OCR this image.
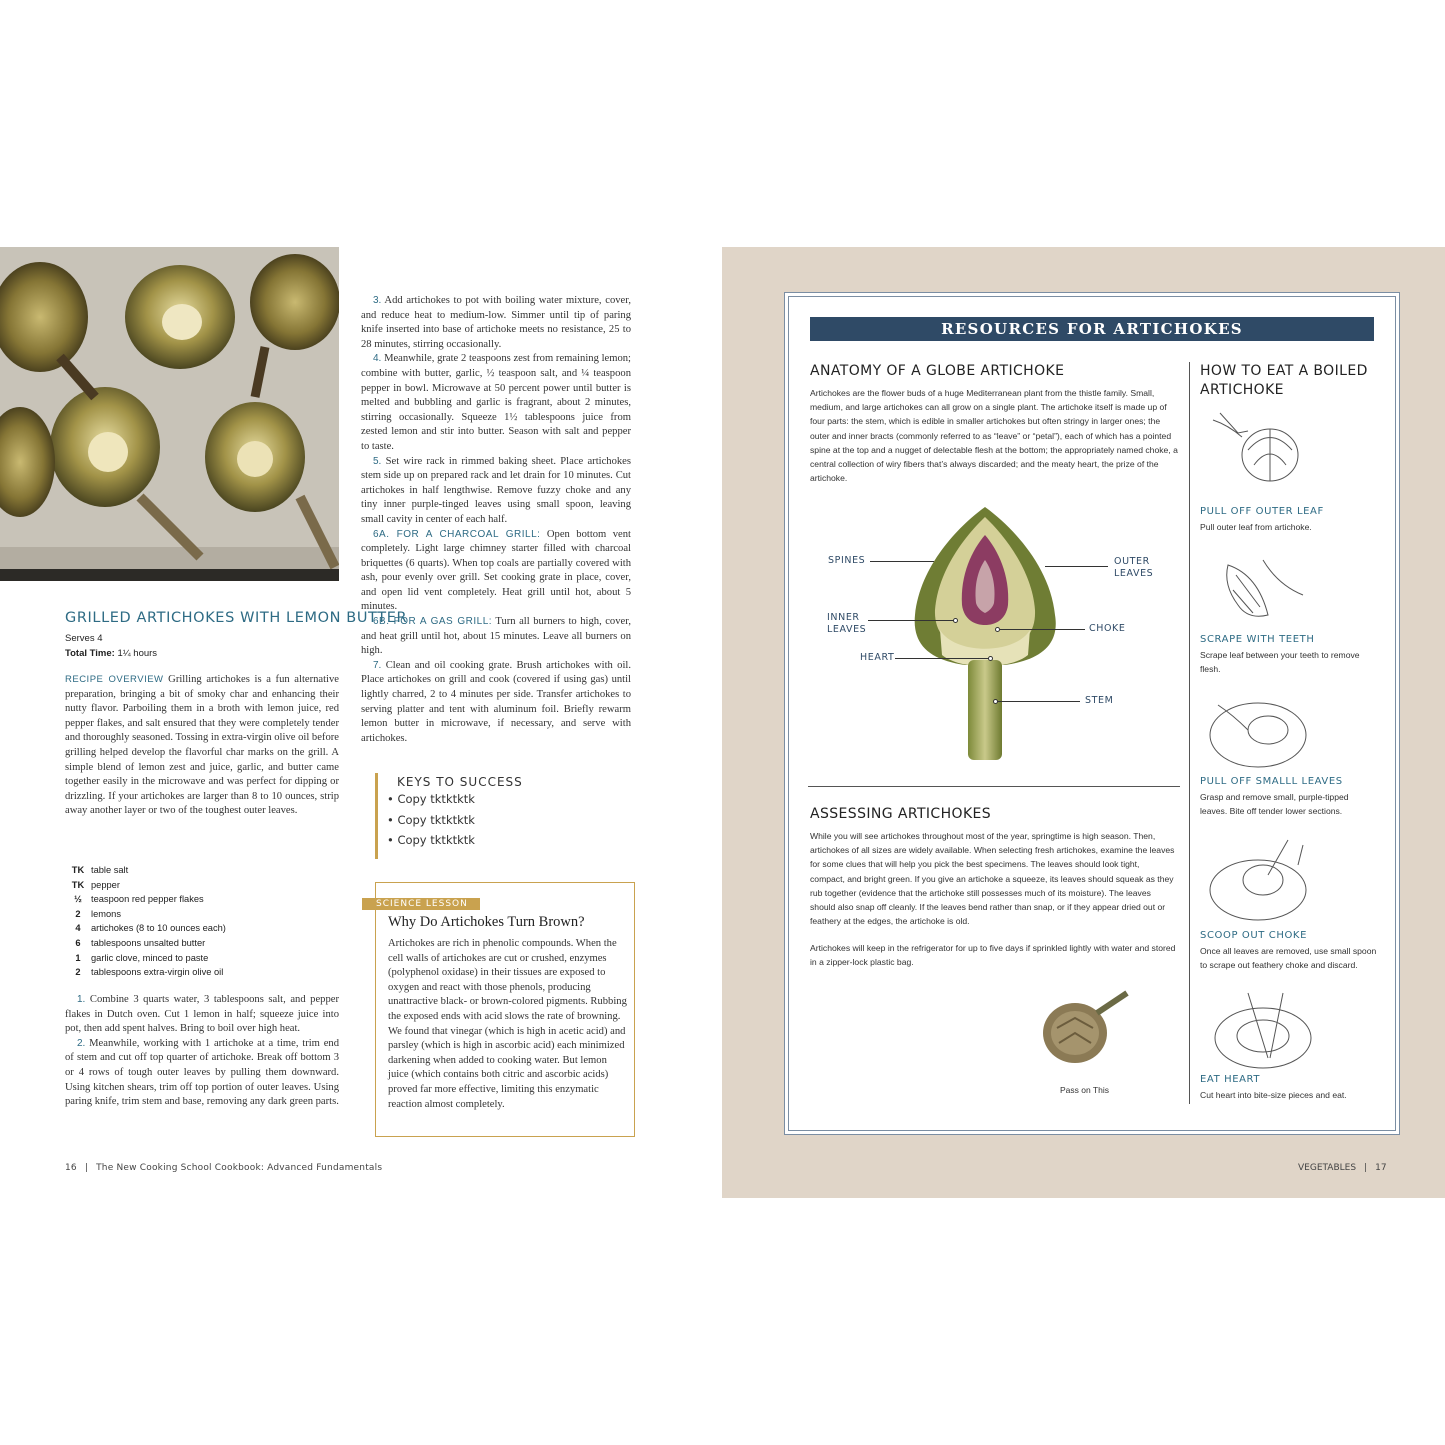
GRILLED ARTICHOKES WITH LEMON BUTTER
Serves 4
Total Time: 1¼ hours
RECIPE OVERVIEW Grilling artichokes is a fun alternative preparation, bringing a bit of smoky char and enhancing their nutty flavor. Parboiling them in a broth with lemon juice, red pepper flakes, and salt ensured that they were completely tender and thoroughly seasoned. Tossing in extra-virgin olive oil before grilling helped develop the flavorful char marks on the grill. A simple blend of lemon zest and juice, garlic, and butter came together easily in the microwave and was perfect for dipping or drizzling. If your artichokes are larger than 8 to 10 ounces, strip away another layer or two of the toughest outer leaves.
TK table salt
TK pepper
½ teaspoon red pepper flakes
2	lemons
4	artichokes (8 to 10 ounces each)
6	tablespoons unsalted butter
1	garlic clove, minced to paste
2	tablespoons extra-virgin olive oil

1. Combine 3 quarts water, 3 tablespoons salt, and pepper flakes in Dutch oven. Cut 1 lemon in half; squeeze juice into pot, then add spent halves. Bring to boil over high heat.

2. Meanwhile, working with 1 artichoke at a time, trim end of stem and cut off top quarter of artichoke. Break off bottom 3 or 4 rows of tough outer leaves by pulling them downward. Using kitchen shears, trim off top portion of outer leaves. Using paring knife, trim stem and base, removing any dark green parts.

3. Add artichokes to pot with boiling water mixture, cover, and reduce heat to medium-low. Simmer until tip of paring knife inserted into base of artichoke meets no resistance, 25 to 28 minutes, stirring occasionally.

4. Meanwhile, grate 2 teaspoons zest from remaining lemon; combine with butter, garlic, ½ teaspoon salt, and ¼ teaspoon pepper in bowl. Microwave at 50 percent power until butter is melted and bubbling and garlic is fragrant, about 2 minutes, stirring occasionally. Squeeze 1½ tablespoons juice from zested lemon and stir into butter. Season with salt and pepper to taste.

5. Set wire rack in rimmed baking sheet. Place artichokes stem side up on prepared rack and let drain for 10 minutes. Cut artichokes in half lengthwise. Remove fuzzy choke and any tiny inner purple-tinged leaves using small spoon, leaving small cavity in center of each half.

6A. FOR A CHARCOAL GRILL: Open bottom vent completely. Light large chimney starter filled with charcoal briquettes (6 quarts). When top coals are partially covered with ash, pour evenly over grill. Set cooking grate in place, cover, and open lid vent completely. Heat grill until hot, about 5 minutes.

6B. FOR A GAS GRILL: Turn all burners to high, cover, and heat grill until hot, about 15 minutes. Leave all burners on high.

7. Clean and oil cooking grate. Brush artichokes with oil. Place artichokes on grill and cook (covered if using gas) until lightly charred, 2 to 4 minutes per side. Transfer artichokes to serving platter and tent with aluminum foil. Briefly rewarm lemon butter in microwave, if necessary, and serve with artichokes.

KEYS TO SUCCESS
• Copy tktktktk
• Copy tktktktk
• Copy tktktktk
SCIENCE LESSON
Why Do Artichokes Turn Brown?
Artichokes are rich in phenolic compounds. When the cell walls of artichokes are cut or crushed, enzymes (polyphenol oxidase) in their tissues are exposed to oxygen and react with those phenols, producing unattractive black- or brown-colored pigments. Rubbing the exposed ends with acid slows the rate of browning. We found that vinegar (which is high in acetic acid) and parsley (which is high in ascorbic acid) each minimized darkening when added to cooking water. But lemon juice (which contains both citric and ascorbic acids) proved far more effective, limiting this enzymatic reaction almost completely.
16 | The New Cooking School Cookbook: Advanced Fundamentals
RESOURCES FOR ARTICHOKES
ANATOMY OF A GLOBE ARTICHOKE
Artichokes are the flower buds of a huge Mediterranean plant from the thistle family. Small, medium, and large artichokes can all grow on a single plant. The artichoke itself is made up of four parts: the stem, which is edible in smaller artichokes but often stringy in larger ones; the outer and inner bracts (commonly referred to as “leave” or “petal”), each of which has a pointed spine at the top and a nugget of delectable flesh at the bottom; the appropriately named choke, a central collection of wiry fibers that’s always discarded; and the meaty heart, the prize of the artichoke.
SPINES	OUTER
LEAVES
INNER
LEAVES	CHOKE
HEART
STEM
ASSESSING ARTICHOKES
While you will see artichokes throughout most of the year, springtime is high season. Then, artichokes of all sizes are widely available. When selecting fresh artichokes, examine the leaves for some clues that will help you pick the best specimens. The leaves should look tight, compact, and bright green. If you give an artichoke a squeeze, its leaves should squeak as they rub together (evidence that the artichoke still possesses much of its moisture). The leaves should also snap off cleanly. If the leaves bend rather than snap, or if they appear dried out or feathery at the edges, the artichoke is old.
Artichokes will keep in the refrigerator for up to five days if sprinkled lightly with water and stored in a zipper-lock plastic bag.
Pass on This
HOW TO EAT A BOILED ARTICHOKE
PULL OFF OUTER LEAF
Pull outer leaf from artichoke.
SCRAPE WITH TEETH
Scrape leaf between your teeth to remove flesh.
PULL OFF SMALLL LEAVES
Grasp and remove small, purple-tipped leaves. Bite off tender lower sections.
SCOOP OUT CHOKE
Once all leaves are removed, use small spoon to scrape out feathery choke and discard.
EAT HEART
Cut heart into bite-size pieces and eat.
VEGETABLES | 17
